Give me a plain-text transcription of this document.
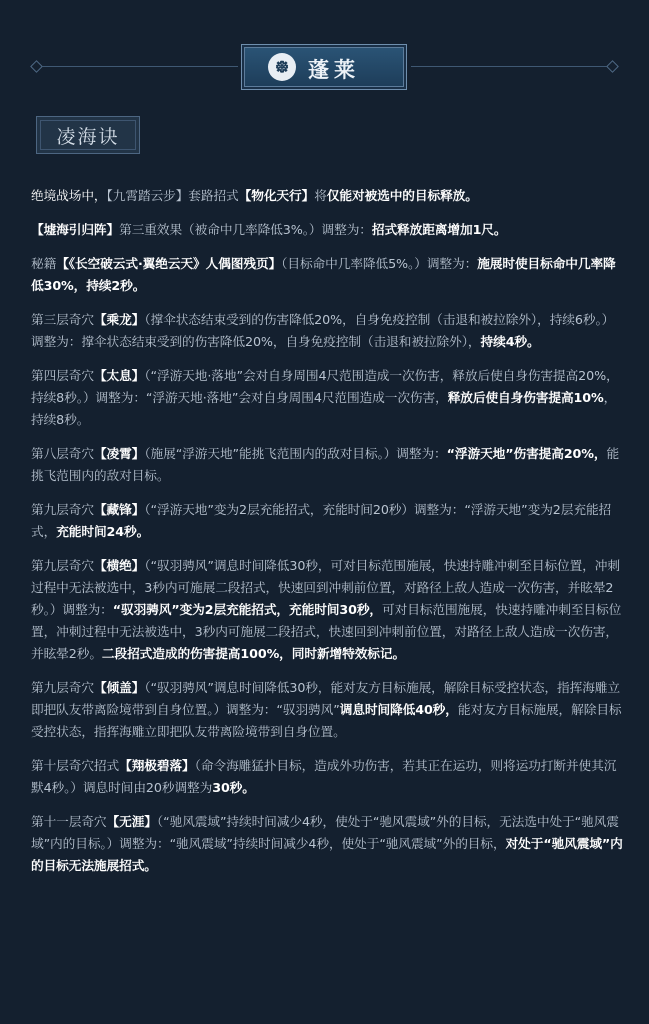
᪥ 蓬莱
凌海诀

绝境战场中，【九霄踏云步】套路招式【物化天行】将仅能对被选中的目标释放。

【墟海引归阵】第三重效果（被命中几率降低3%。）调整为：招式释放距离增加1尺。

秘籍【《长空破云式·翼绝云天》人偶图残页】（目标命中几率降低5%。）调整为：施展时使目标命中几率降低30%，持续2秒。

第三层奇穴【乘龙】（撑伞状态结束受到的伤害降低20%，自身免疫控制（击退和被拉除外），持续6秒。）调整为：撑伞状态结束受到的伤害降低20%，自身免疫控制（击退和被拉除外），持续4秒。

第四层奇穴【太息】（“浮游天地·落地”会对自身周围4尺范围造成一次伤害，释放后使自身伤害提高20%，持续8秒。）调整为：“浮游天地·落地”会对自身周围4尺范围造成一次伤害，释放后使自身伤害提高10%，持续8秒。

第八层奇穴【凌霄】（施展“浮游天地”能挑飞范围内的敌对目标。）调整为：“浮游天地”伤害提高20%，能挑飞范围内的敌对目标。

第九层奇穴【藏锋】（“浮游天地”变为2层充能招式，充能时间20秒）调整为：“浮游天地”变为2层充能招式，充能时间24秒。

第九层奇穴【横绝】（“驭羽骋风”调息时间降低30秒，可对目标范围施展，快速持雕冲刺至目标位置，冲刺过程中无法被选中，3秒内可施展二段招式，快速回到冲刺前位置，对路径上敌人造成一次伤害，并眩晕2秒。）调整为：“驭羽骋风”变为2层充能招式，充能时间30秒，可对目标范围施展，快速持雕冲刺至目标位置，冲刺过程中无法被选中，3秒内可施展二段招式，快速回到冲刺前位置，对路径上敌人造成一次伤害，并眩晕2秒。二段招式造成的伤害提高100%，同时新增特效标记。

第九层奇穴【倾盖】（“驭羽骋风”调息时间降低30秒，能对友方目标施展，解除目标受控状态，指挥海雕立即把队友带离险境带到自身位置。）调整为：“驭羽骋风”调息时间降低40秒，能对友方目标施展，解除目标受控状态，指挥海雕立即把队友带离险境带到自身位置。

第十层奇穴招式【翔极碧落】（命令海雕猛扑目标，造成外功伤害，若其正在运功，则将运功打断并使其沉默4秒。）调息时间由20秒调整为30秒。

第十一层奇穴【无涯】（“驰风震域”持续时间减少4秒，使处于“驰风震域”外的目标，无法选中处于“驰风震域”内的目标。）调整为：“驰风震域”持续时间减少4秒，使处于“驰风震域”外的目标，对处于“驰风震域”内的目标无法施展招式。
